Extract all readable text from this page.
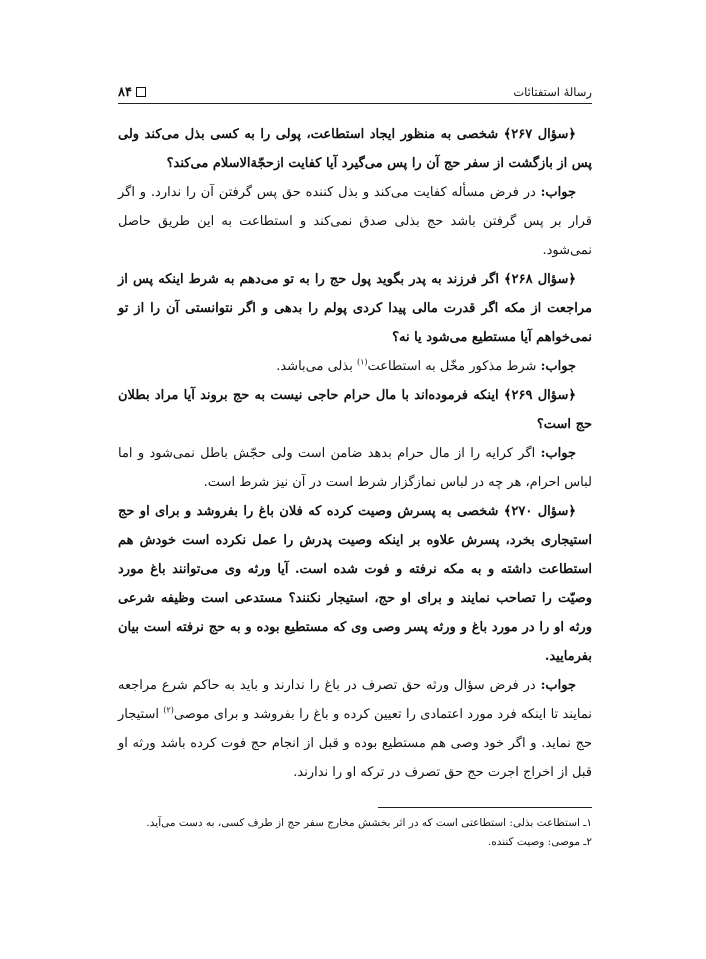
رسالهٔ استفتائات
۸۴

﴿سؤال ۲۶۷﴾ شخصی به منظور ایجاد استطاعت، پولی را به کسی بذل می‌کند ولی پس از بازگشت از سفر حج آن را پس می‌گیرد آیا کفایت ازحجّةالاسلام می‌کند؟

جواب: در فرض مسأله کفایت می‌کند و بذل کننده حق پس گرفتن آن را ندارد. و اگر قرار بر پس گرفتن باشد حج بذلی صدق نمی‌کند و استطاعت به این طریق حاصل نمی‌شود.

﴿سؤال ۲۶۸﴾ اگر فرزند به پدر بگوید پول حج را به تو می‌دهم به شرط اینکه پس از مراجعت از مکه اگر قدرت مالی پیدا کردی پولم را بدهی و اگر نتوانستی آن را از تو نمی‌خواهم آیا مستطیع می‌شود یا نه؟

جواب: شرط مذکور مخّل به استطاعت$^{(۱)}$ بذلی می‌باشد.

﴿سؤال ۲۶۹﴾ اینکه فرموده‌اند با مال حرام حاجی نیست به حج بروند آیا مراد بطلان حج است؟

جواب: اگر کرایه را از مال حرام بدهد ضامن است ولی حجّش باطل نمی‌شود و اما لباس احرام، هر چه در لباس نمازگزار شرط است در آن نیز شرط است.

﴿سؤال ۲۷۰﴾ شخصی به پسرش وصیت کرده که فلان باغ را بفروشد و برای او حج استیجاری بخرد، پسرش علاوه بر اینکه وصیت پدرش را عمل نکرده است خودش هم استطاعت داشته و به مکه نرفته و فوت شده است. آیا ورثه وی می‌توانند باغ مورد وصیّت را تصاحب نمایند و برای او حج، استیجار نکنند؟ مستدعی است وظیفه شرعی ورثه او را در مورد باغ و ورثه پسر وصی وی که مستطیع بوده و به حج نرفته است بیان بفرمایید.

جواب: در فرض سؤال ورثه حق تصرف در باغ را ندارند و باید به حاکم شرع مراجعه نمایند تا اینکه فرد مورد اعتمادی را تعیین کرده و باغ را بفروشد و برای موصی$^{(۲)}$ استیجار حج نماید. و اگر خود وصی هم مستطیع بوده و قبل از انجام حج فوت کرده باشد ورثه او قبل از اخراج اجرت حج حق تصرف در ترکه او را ندارند.

۱ـ استطاعت بذلی: استطاعتی است که در اثر بخشش مخارج سفر حج از طرف کسی، به دست می‌آید.

۲ـ موصی: وصیت کننده.
